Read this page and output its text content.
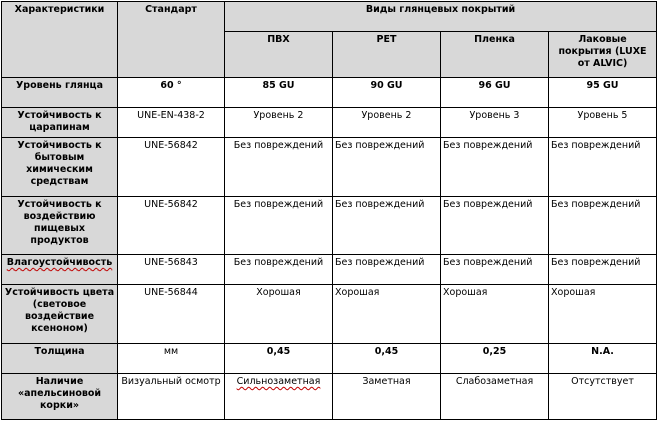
Характеристики	Стандарт	Виды глянцевых покрытий			
		ПВХ	PET	Пленка	Лаковые покрытия (LUXE от ALVIC)
Уровень глянца	60 °	85 GU	90 GU	96 GU	95 GU
Устойчивость к царапинам	UNE-EN-438-2	Уровень 2	Уровень 2	Уровень 3	Уровень 5
Устойчивость к бытовым химическим средствам	UNE-56842	Без повреждений	Без повреждений	Без повреждений	Без повреждений
Устойчивость к воздействию пищевых продуктов	UNE-56842	Без повреждений	Без повреждений	Без повреждений	Без повреждений
Влагоустойчивость	UNE-56843	Без повреждений	Без повреждений	Без повреждений	Без повреждений
Устойчивость цвета (световое воздействие ксеноном)	UNE-56844	Хорошая	Хорошая	Хорошая	Хорошая
Толщина	мм	0,45	0,45	0,25	N.A.
Наличие «апельсиновой корки»	Визуальный осмотр	Сильнозаметная	Заметная	Слабозаметная	Отсутствует
